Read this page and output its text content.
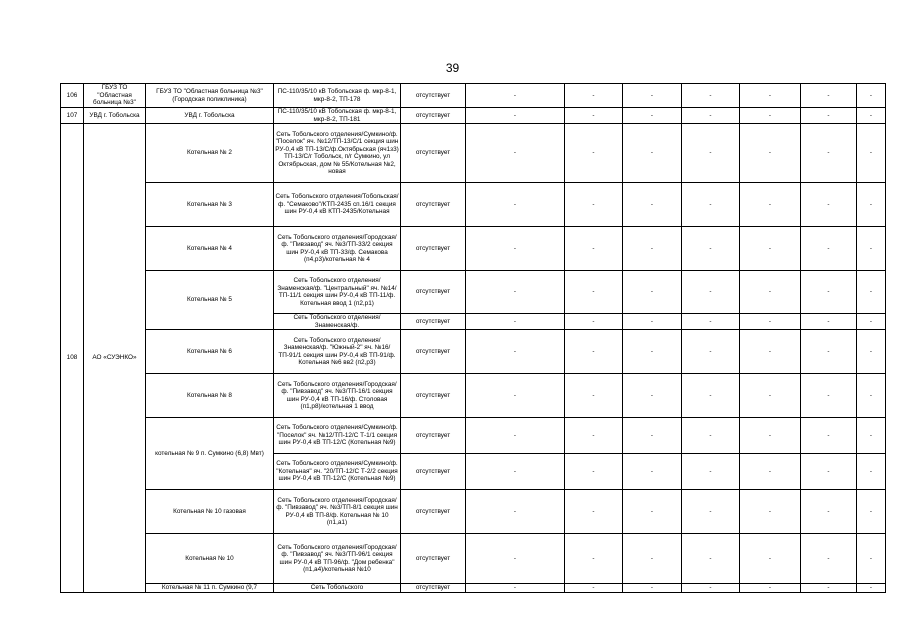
39
106	ГБУЗ ТО "Областная больница №3"	ГБУЗ ТО "Областная больница №3" (Городская поликлиника)	ПС-110/35/10 кВ Тобольская ф. мкр-8-1, мкр-8-2, ТП-178	отсутствует	-	-	-	-	-	-	-
107	УВД г. Тобольска	УВД г. Тобольска	ПС-110/35/10 кВ Тобольская ф. мкр-8-1, мкр-8-2, ТП-181	отсутствует	-	-	-	-	-	-	-
108	АО «СУЭНКО»	Котельная № 2	Сеть Тобольского отделения/Сумкино/ф. "Поселок" яч. №12/ТП-13/С/1 секция шин РУ-0,4 кВ ТП-13/С/ф.Октябрьская (яч1з3) ТП-13/С/г Тобольск, п/г Сумкино, ул Октябрьская, дом № 55/Котельная №2, новая	отсутствует	-	-	-	-	-	-	-
		Котельная № 3	Сеть Тобольского отделения/Тобольская/ф. "Семаково"/КТП-2435 сп.16/1 секция шин РУ-0,4 кВ КТП-2435/Котельная	отсутствует	-	-	-	-	-	-	-
		Котельная № 4	Сеть Тобольского отделения/Городская/ф. "Пивзавод" яч. №3/ТП-33/2 секция шин РУ-0,4 кВ ТП-33/ф. Семакова (п4,р3)/котельная № 4	отсутствует	-	-	-	-	-	-	-
		Котельная № 5	Сеть Тобольского отделения/Знаменская/ф. "Центральный" яч. №14/ТП-11/1 секция шин РУ-0,4 кВ ТП-11/ф. Котельная ввод 1 (п2,р1)	отсутствует	-	-	-	-	-	-	-
			Сеть Тобольского отделения/Знаменская/ф.	отсутствует	-	-	-	-	-	-	-
		Котельная № 6	Сеть Тобольского отделения/Знаменская/ф. "Южный-2" яч. №16/ТП-91/1 секция шин РУ-0,4 кВ ТП-91/ф. Котельная №6 вв2 (п2,р3)	отсутствует	-	-	-	-	-	-	-
		Котельная № 8	Сеть Тобольского отделения/Городская/ф. "Пивзавод" яч. №3/ТП-16/1 секция шин РУ-0,4 кВ ТП-16/ф. Столовая (п1,р8)/котельная 1 ввод	отсутствует	-	-	-	-	-	-	-
		котельная № 9 п. Сумкино (6,8) Мвт)	Сеть Тобольского отделения/Сумкино/ф. "Поселок" яч. №12/ТП-12/С Т-1/1 секция шин РУ-0,4 кВ ТП-12/С (Котельная №9)	отсутствует	-	-	-	-	-	-	-
			Сеть Тобольского отделения/Сумкино/ф. "Котельная" яч. "20/ТП-12/С Т-2/2 секция шин РУ-0,4 кВ ТП-12/С (Котельная №9)	отсутствует	-	-	-	-	-	-	-
		Котельная № 10 газовая	Сеть Тобольского отделения/Городская/ф. "Пивзавод" яч. №3/ТП-8/1 секция шин РУ-0,4 кВ ТП-8/ф. Котельная № 10 (п1,а1)	отсутствует	-	-	-	-	-	-	-
		Котельная № 10	Сеть Тобольского отделения/Городская/ф. "Пивзавод" яч. №3/ТП-96/1 секция шин РУ-0,4 кВ ТП-96/ф. "Дом ребенка" (п1,а4)/котельная №10	отсутствует	-	-	-	-	-	-	-
		Котельная № 11 п. Сумкино (9,7	Сеть Тобольского	отсутствует	-	-	-	-	-	-	-
